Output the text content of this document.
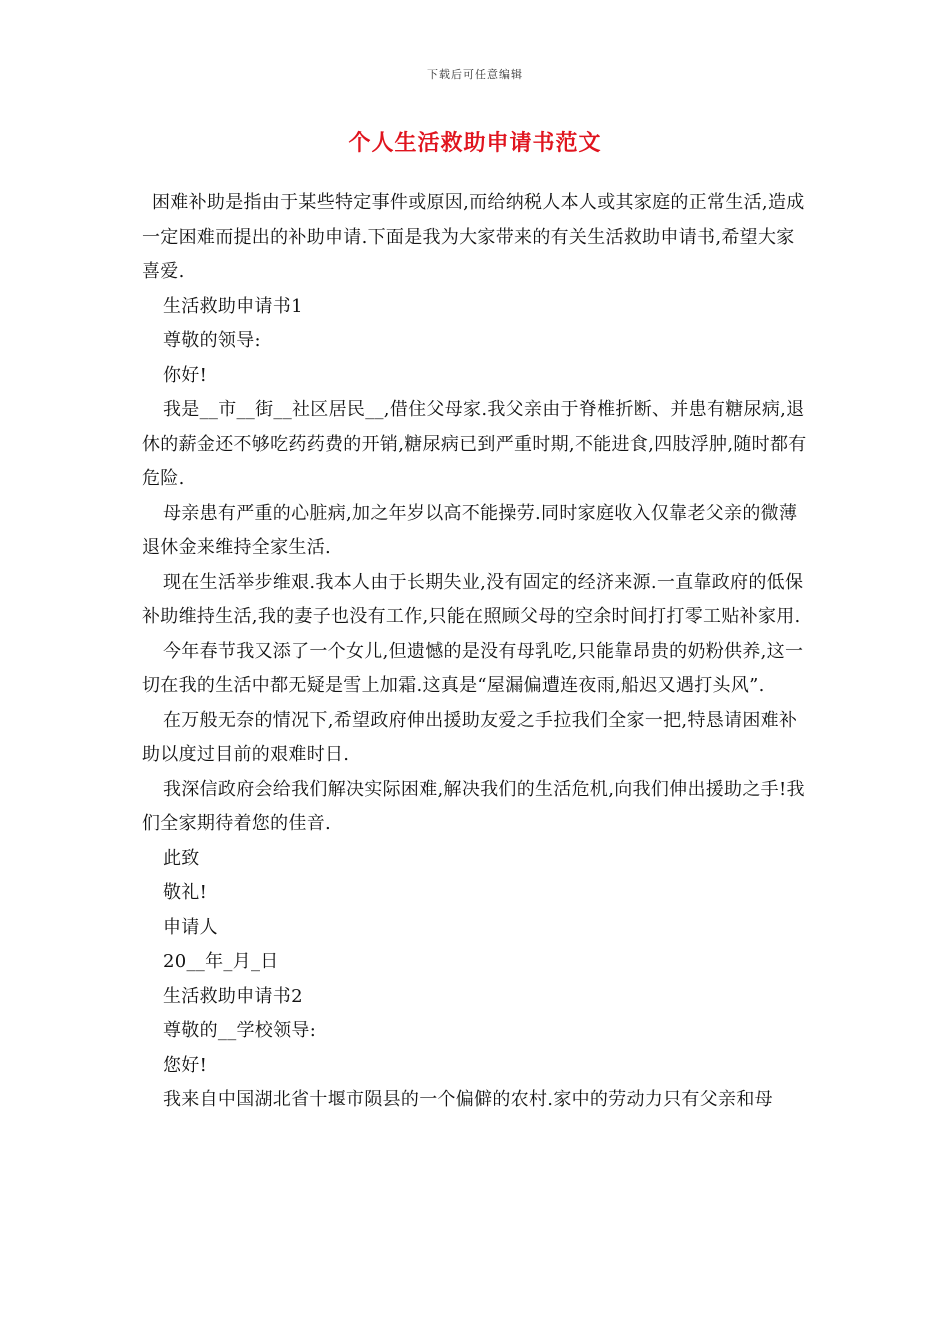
下载后可任意编辑
个人生活救助申请书范文

困难补助是指由于某些特定事件或原因,而给纳税人本人或其家庭的正常生活,造成一定困难而提出的补助申请.下面是我为大家带来的有关生活救助申请书,希望大家喜爱.

生活救助申请书1

尊敬的领导:

你好!

我是__市__街__社区居民__,借住父母家.我父亲由于脊椎折断、并患有糖尿病,退休的薪金还不够吃药药费的开销,糖尿病已到严重时期,不能进食,四肢浮肿,随时都有危险.

母亲患有严重的心脏病,加之年岁以高不能操劳.同时家庭收入仅靠老父亲的微薄退休金来维持全家生活.

现在生活举步维艰.我本人由于长期失业,没有固定的经济来源.一直靠政府的低保补助维持生活,我的妻子也没有工作,只能在照顾父母的空余时间打打零工贴补家用.

今年春节我又添了一个女儿,但遗憾的是没有母乳吃,只能靠昂贵的奶粉供养,这一切在我的生活中都无疑是雪上加霜.这真是“屋漏偏遭连夜雨,船迟又遇打头风”.

在万般无奈的情况下,希望政府伸出援助友爱之手拉我们全家一把,特恳请困难补助以度过目前的艰难时日.

我深信政府会给我们解决实际困难,解决我们的生活危机,向我们伸出援助之手!我们全家期待着您的佳音.

此致

敬礼!

申请人

20__年_月_日

生活救助申请书2

尊敬的__学校领导:

您好!

我来自中国湖北省十堰市陨县的一个偏僻的农村.家中的劳动力只有父亲和母
